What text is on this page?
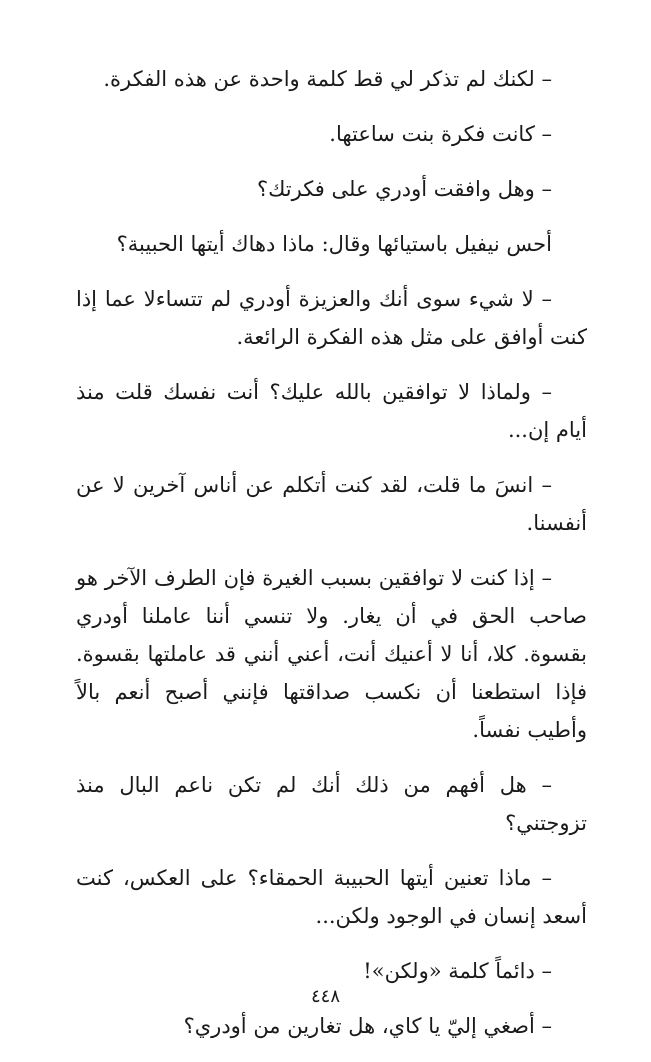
– لكنك لم تذكر لي قط كلمة واحدة عن هذه الفكرة.

– كانت فكرة بنت ساعتها.

– وهل وافقت أودري على فكرتك؟

أحس نيفيل باستيائها وقال: ماذا دهاك أيتها الحبيبة؟

– لا شيء سوى أنك والعزيزة أودري لم تتساءلا عما إذا كنت أوافق على مثل هذه الفكرة الرائعة.

– ولماذا لا توافقين بالله عليك؟ أنت نفسك قلت منذ أيام إن...

– انسَ ما قلت، لقد كنت أتكلم عن أناس آخرين لا عن أنفسنا.

– إذا كنت لا توافقين بسبب الغيرة فإن الطرف الآخر هو صاحب الحق في أن يغار. ولا تنسي أننا عاملنا أودري بقسوة. كلا، أنا لا أعنيك أنت، أعني أنني قد عاملتها بقسوة. فإذا استطعنا أن نكسب صداقتها فإنني أصبح أنعم بالاً وأطيب نفساً.

– هل أفهم من ذلك أنك لم تكن ناعم البال منذ تزوجتني؟

– ماذا تعنين أيتها الحبيبة الحمقاء؟ على العكس، كنت أسعد إنسان في الوجود ولكن...

– دائماً كلمة «ولكن»!

– أصغي إليّ يا كاي، هل تغارين من أودري؟

٤٤٨
